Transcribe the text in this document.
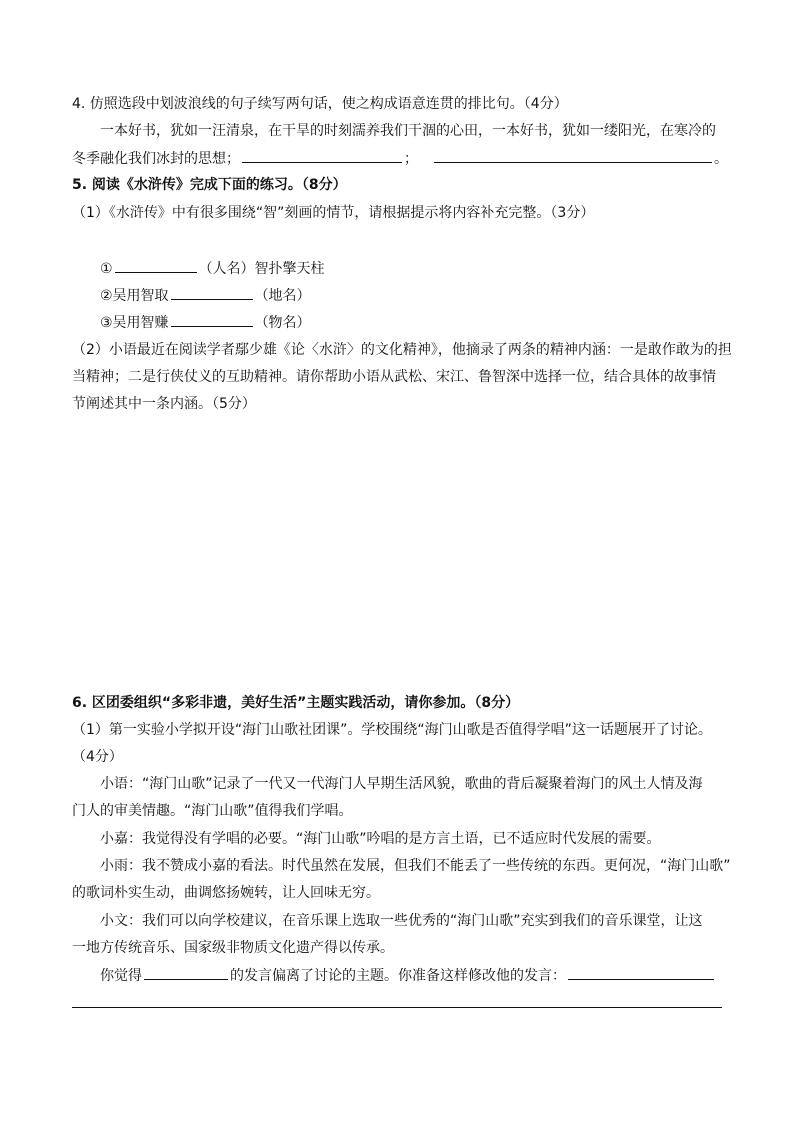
4. 仿照选段中划波浪线的句子续写两句话，使之构成语意连贯的排比句。（4分）
一本好书，犹如一汪清泉，在干旱的时刻濡养我们干涸的心田，一本好书，犹如一缕阳光，在寒冷的
冬季融化我们冰封的思想；	；	。
5. 阅读《水浒传》完成下面的练习。（8分）
（1）《水浒传》中有很多围绕“智”刻画的情节，请根据提示将内容补充完整。（3分）
①	（人名）智扑擎天柱
②吴用智取	（地名）
③吴用智赚	（物名）
（2）小语最近在阅读学者鄢少雄《论〈水浒〉的文化精神》，他摘录了两条的精神内涵：一是敢作敢为的担
当精神；二是行侠仗义的互助精神。请你帮助小语从武松、宋江、鲁智深中选择一位，结合具体的故事情
节阐述其中一条内涵。（5分）
6. 区团委组织“多彩非遗，美好生活”主题实践活动，请你参加。（8分）
（1）第一实验小学拟开设“海门山歌社团课”。学校围绕“海门山歌是否值得学唱”这一话题展开了讨论。
（4分）
小语：“海门山歌”记录了一代又一代海门人早期生活风貌，歌曲的背后凝聚着海门的风土人情及海
门人的审美情趣。“海门山歌”值得我们学唱。
小嘉：我觉得没有学唱的必要。“海门山歌”吟唱的是方言土语，已不适应时代发展的需要。
小雨：我不赞成小嘉的看法。时代虽然在发展，但我们不能丢了一些传统的东西。更何况，“海门山歌”
的歌词朴实生动，曲调悠扬婉转，让人回味无穷。
小文：我们可以向学校建议，在音乐课上选取一些优秀的“海门山歌”充实到我们的音乐课堂，让这
一地方传统音乐、国家级非物质文化遗产得以传承。
你觉得	的发言偏离了讨论的主题。你准备这样修改他的发言：
